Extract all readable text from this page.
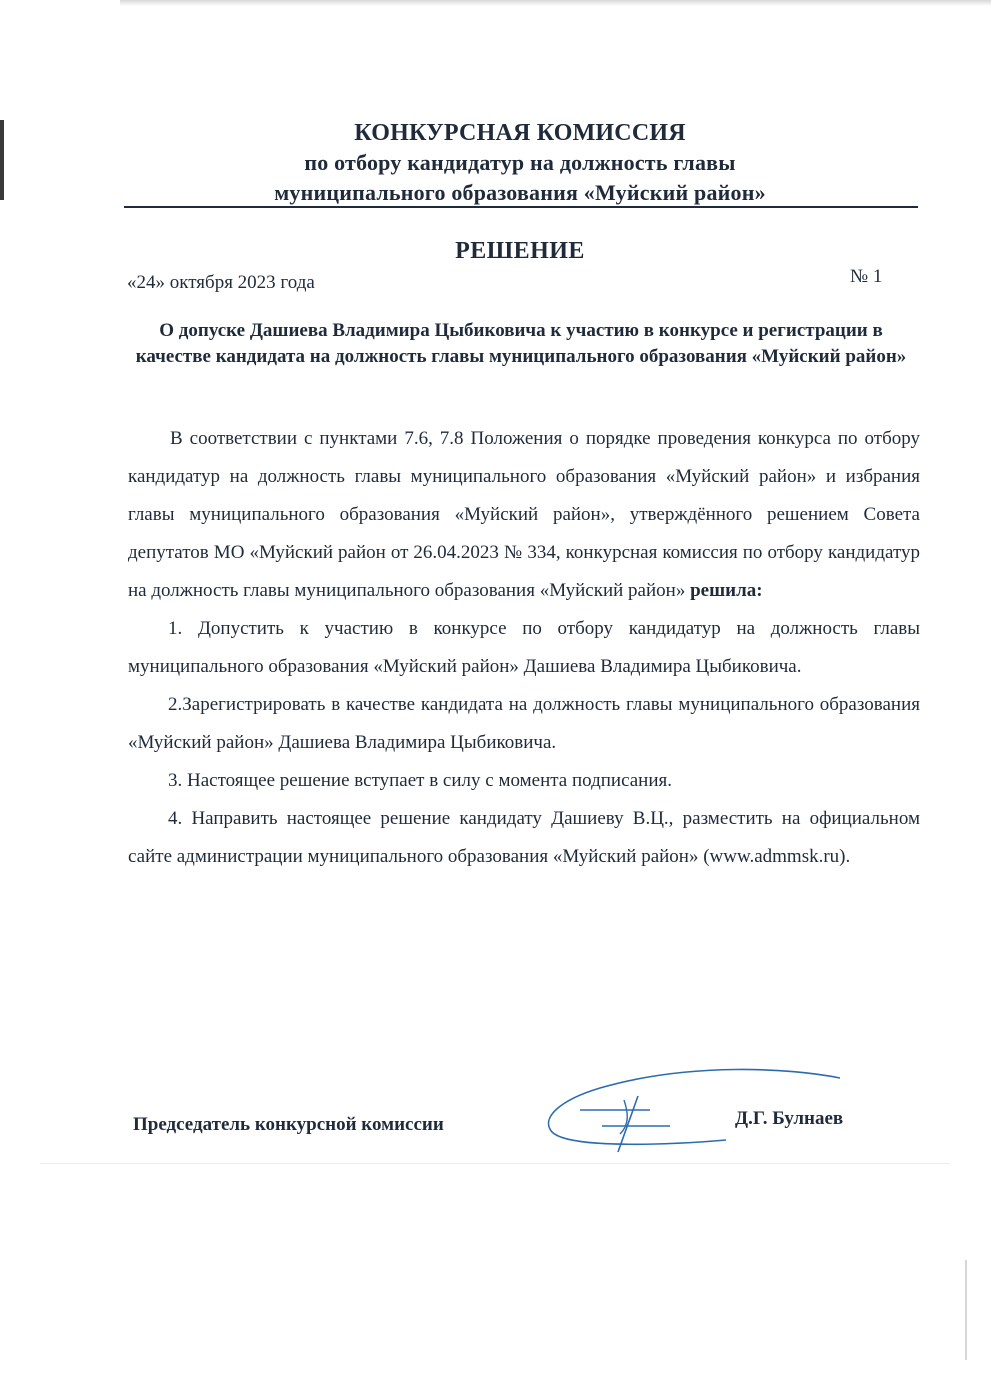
КОНКУРСНАЯ КОМИССИЯ
по отбору кандидатур на должность главы
муниципального образования «Муйский район»
РЕШЕНИЕ
«24» октября 2023 года	№ 1
О допуске Дашиева Владимира Цыбиковича к участию в конкурсе и регистрации в качестве кандидата на должность главы муниципального образования «Муйский район»

В соответствии с пунктами 7.6, 7.8 Положения о порядке проведения конкурса по отбору кандидатур на должность главы муниципального образования «Муйский район» и избрания главы муниципального образования «Муйский район», утверждённого решением Совета депутатов МО «Муйский район от 26.04.2023 № 334, конкурсная комиссия по отбору кандидатур на должность главы муниципального образования «Муйский район» решила:

1. Допустить к участию в конкурсе по отбору кандидатур на должность главы муниципального образования «Муйский район» Дашиева Владимира Цыбиковича.

2.Зарегистрировать в качестве кандидата на должность главы муниципального образования «Муйский район» Дашиева Владимира Цыбиковича.

3. Настоящее решение вступает в силу с момента подписания.

4. Направить настоящее решение кандидату Дашиеву В.Ц., разместить на официальном сайте администрации муниципального образования «Муйский район» (www.admmsk.ru).

Председатель конкурсной комиссии	Д.Г. Булнаев
